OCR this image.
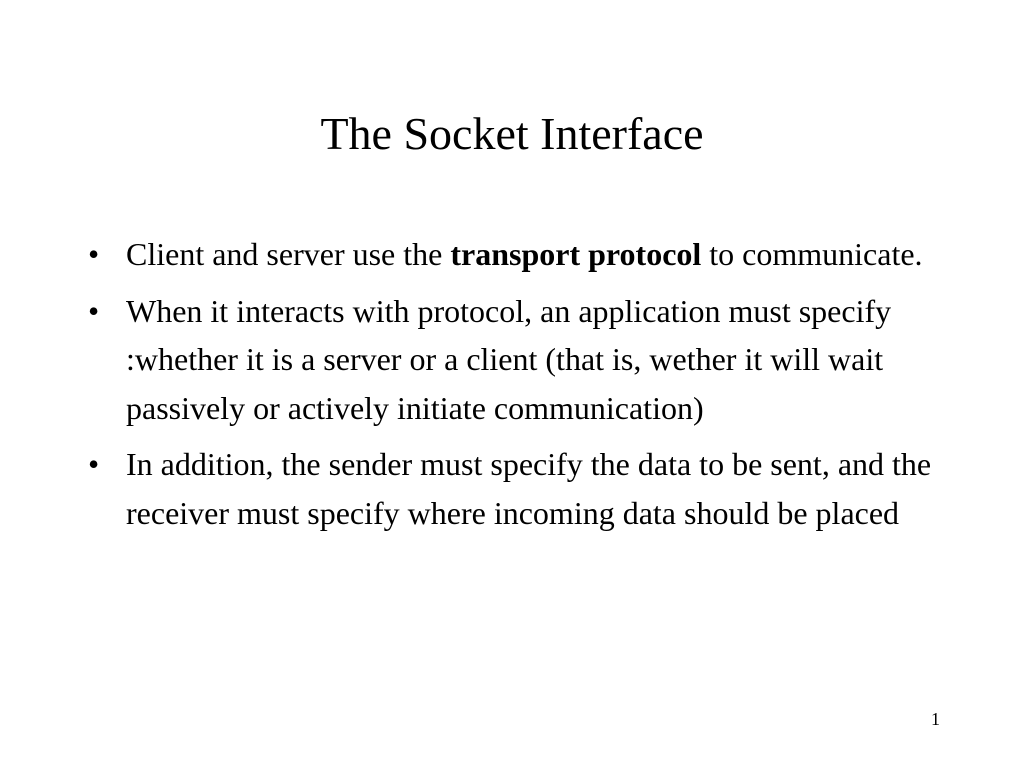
The Socket Interface
• Client and server use the transport protocol to communicate.
• When it interacts with protocol, an application must specify :whether it is a server or a client (that is, wether it will wait passively or actively initiate communication)
• In addition, the sender must specify the data to be sent, and the receiver must specify where incoming data should be placed
1
